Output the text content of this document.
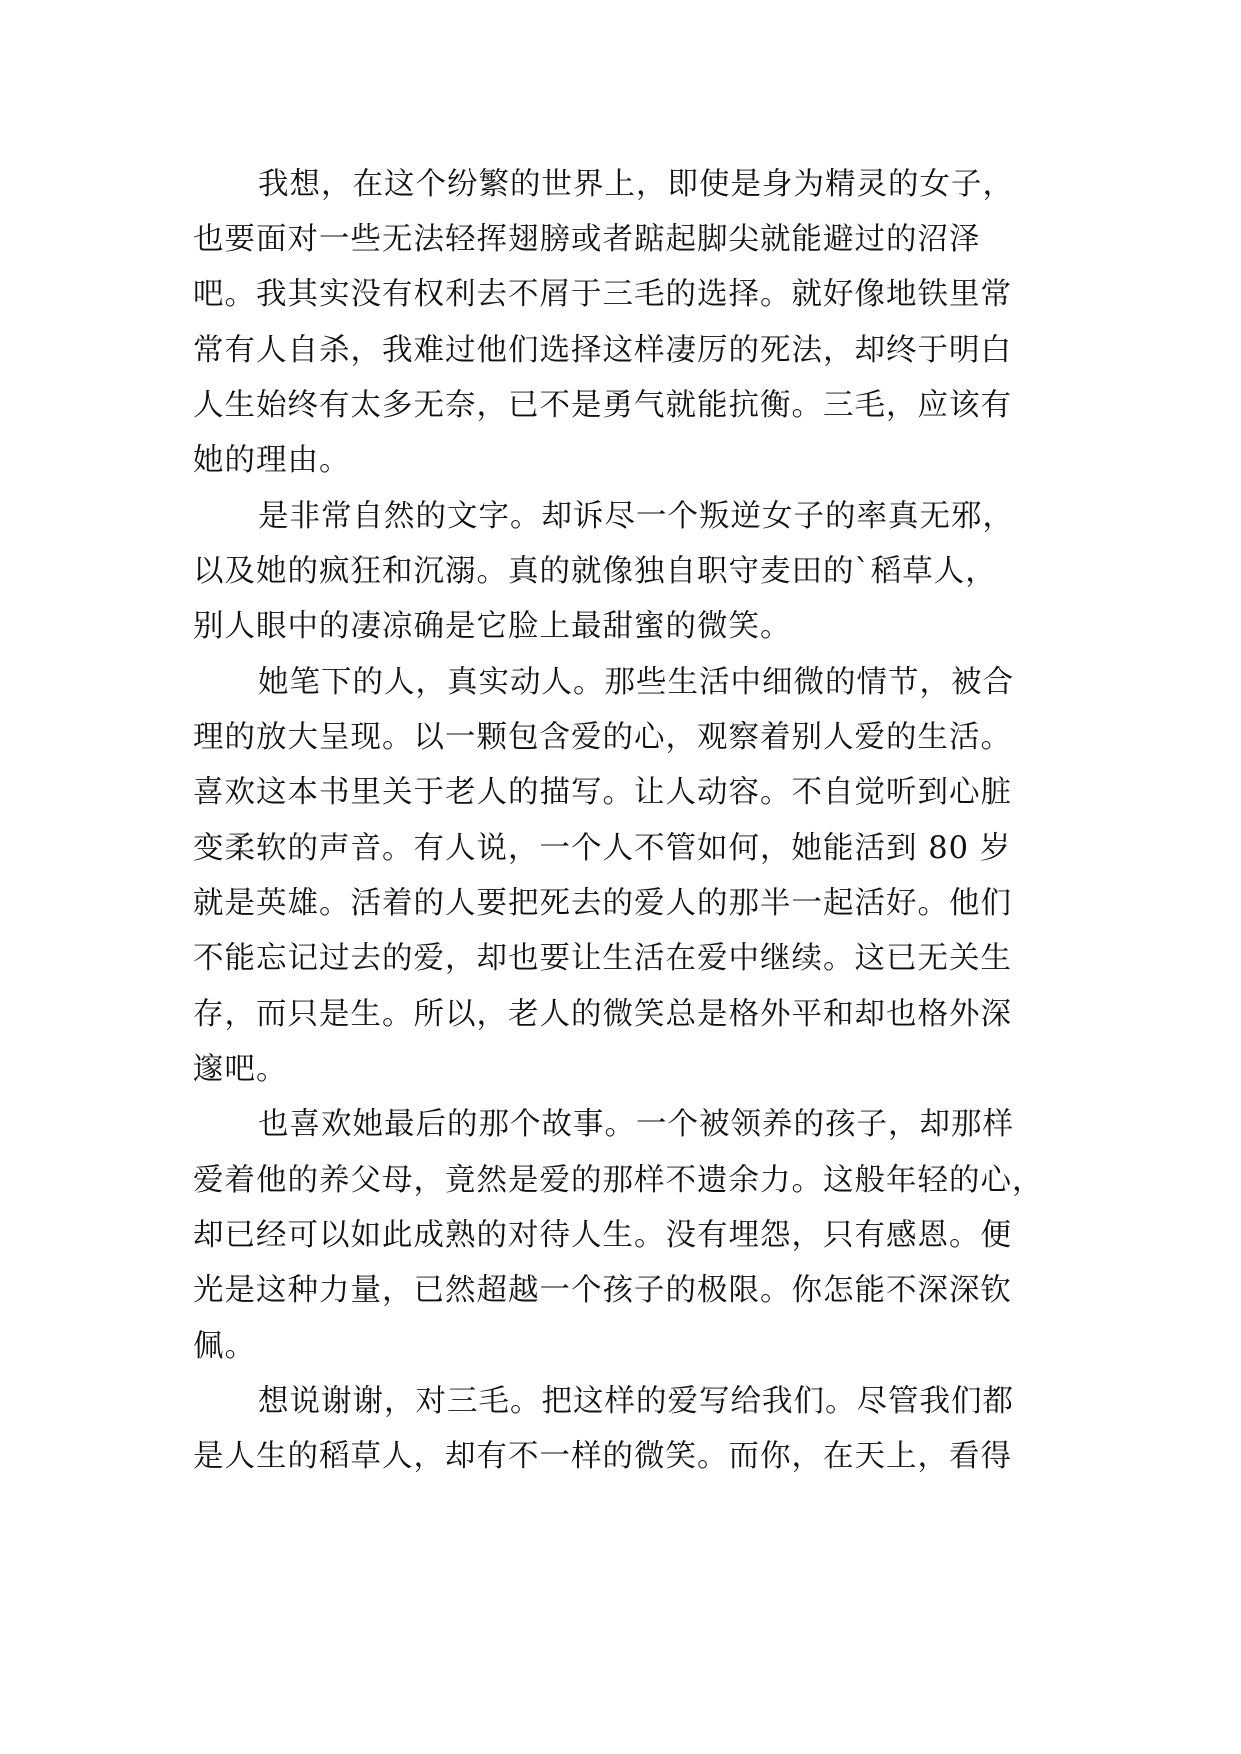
我想，在这个纷繁的世界上，即使是身为精灵的女子，
也要面对一些无法轻挥翅膀或者踮起脚尖就能避过的沼泽
吧。我其实没有权利去不屑于三毛的选择。就好像地铁里常
常有人自杀，我难过他们选择这样凄厉的死法，却终于明白
人生始终有太多无奈，已不是勇气就能抗衡。三毛，应该有
她的理由。
是非常自然的文字。却诉尽一个叛逆女子的率真无邪，
以及她的疯狂和沉溺。真的就像独自职守麦田的`稻草人，
别人眼中的凄凉确是它脸上最甜蜜的微笑。
她笔下的人，真实动人。那些生活中细微的情节，被合
理的放大呈现。以一颗包含爱的心，观察着别人爱的生活。
喜欢这本书里关于老人的描写。让人动容。不自觉听到心脏
变柔软的声音。有人说，一个人不管如何，她能活到 80 岁
就是英雄。活着的人要把死去的爱人的那半一起活好。他们
不能忘记过去的爱，却也要让生活在爱中继续。这已无关生
存，而只是生。所以，老人的微笑总是格外平和却也格外深
邃吧。
也喜欢她最后的那个故事。一个被领养的孩子，却那样
爱着他的养父母，竟然是爱的那样不遗余力。这般年轻的心，
却已经可以如此成熟的对待人生。没有埋怨，只有感恩。便
光是这种力量，已然超越一个孩子的极限。你怎能不深深钦
佩。
想说谢谢，对三毛。把这样的爱写给我们。尽管我们都
是人生的稻草人，却有不一样的微笑。而你，在天上，看得
